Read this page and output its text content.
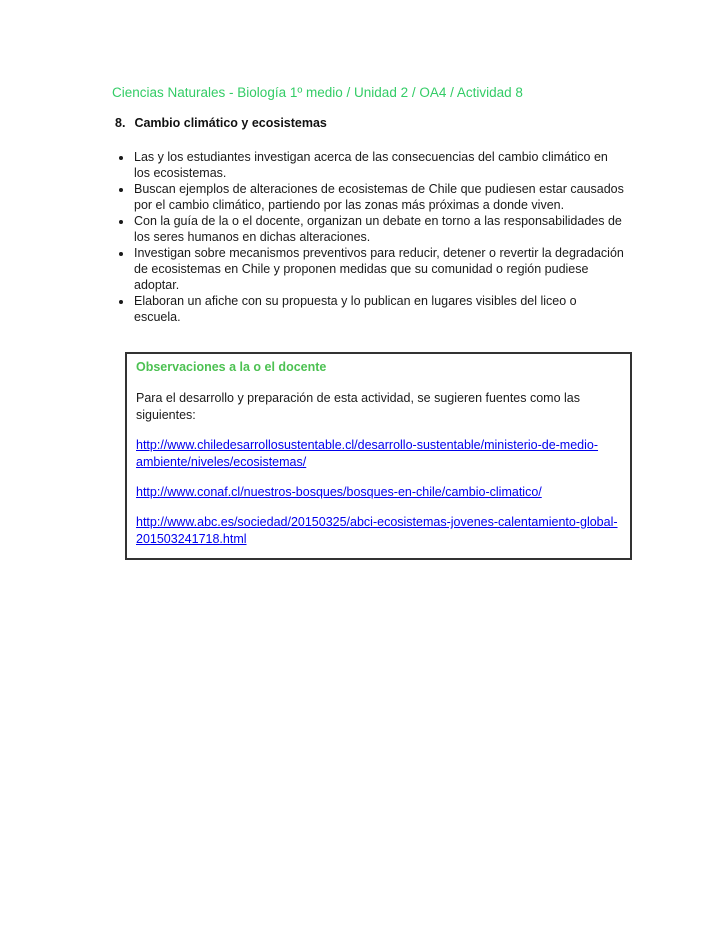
Ciencias Naturales - Biología 1º medio / Unidad 2 / OA4 / Actividad 8
8. Cambio climático y ecosistemas
• Las y los estudiantes investigan acerca de las consecuencias del cambio climático en los ecosistemas.
• Buscan ejemplos de alteraciones de ecosistemas de Chile que pudiesen estar causados por el cambio climático, partiendo por las zonas más próximas a donde viven.
• Con la guía de la o el docente, organizan un debate en torno a las responsabilidades de los seres humanos en dichas alteraciones.
• Investigan sobre mecanismos preventivos para reducir, detener o revertir la degradación de ecosistemas en Chile y proponen medidas que su comunidad o región pudiese adoptar.
• Elaboran un afiche con su propuesta y lo publican en lugares visibles del liceo o escuela.
Observaciones a la o el docente

Para el desarrollo y preparación de esta actividad, se sugieren fuentes como las siguientes:

http://www.chiledesarrollosustentable.cl/desarrollo-sustentable/ministerio-de-medio-ambiente/niveles/ecosistemas/
http://www.conaf.cl/nuestros-bosques/bosques-en-chile/cambio-climatico/
http://www.abc.es/sociedad/20150325/abci-ecosistemas-jovenes-calentamiento-global-201503241718.html
